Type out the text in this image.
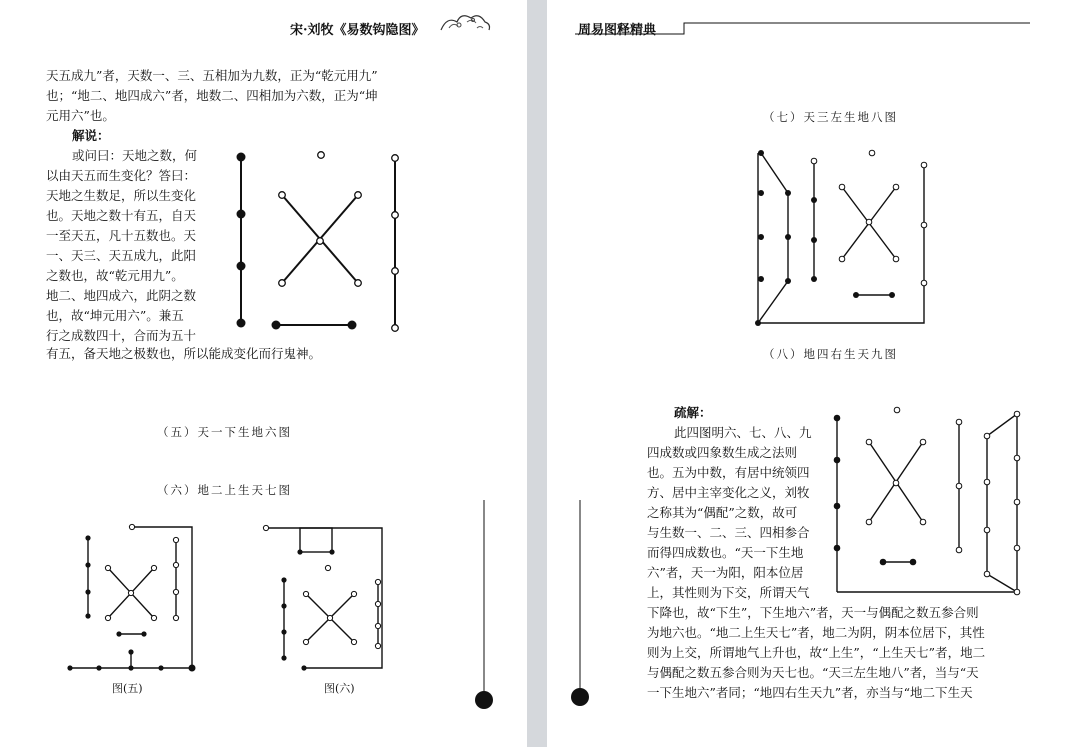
宋·刘牧《易数钩隐图》
天五成九”者，天数一、三、五相加为九数，正为“乾元用九”
也；“地二、地四成六”者，地数二、四相加为六数，正为“坤
元用六”也。
解说：
或问曰：天地之数，何
以由天五而生变化？答曰：
天地之生数足，所以生变化
也。天地之数十有五，自天
一至天五，凡十五数也。天
一、天三、天五成九，此阳
之数也，故“乾元用九”。
地二、地四成六，此阴之数
也，故“坤元用六”。兼五
行之成数四十，合而为五十
有五，备天地之极数也，所以能成变化而行鬼神。
（五）天一下生地六图
（六）地二上生天七图
图(五)	图(六)
周易图释精典
（七）天三左生地八图
（八）地四右生天九图
疏解：
此四图明六、七、八、九
四成数或四象数生成之法则
也。五为中数，有居中统领四
方、居中主宰变化之义，刘牧
之称其为“偶配”之数，故可
与生数一、二、三、四相参合
而得四成数也。“天一下生地
六”者，天一为阳，阳本位居
上，其性则为下交，所谓天气
下降也，故“下生”，下生地六”者，天一与偶配之数五参合则
为地六也。“地二上生天七”者，地二为阴，阴本位居下，其性
则为上交，所谓地气上升也，故“上生”，“上生天七”者，地二
与偶配之数五参合则为天七也。“天三左生地八”者，当与“天
一下生地六”者同；“地四右生天九”者，亦当与“地二下生天
